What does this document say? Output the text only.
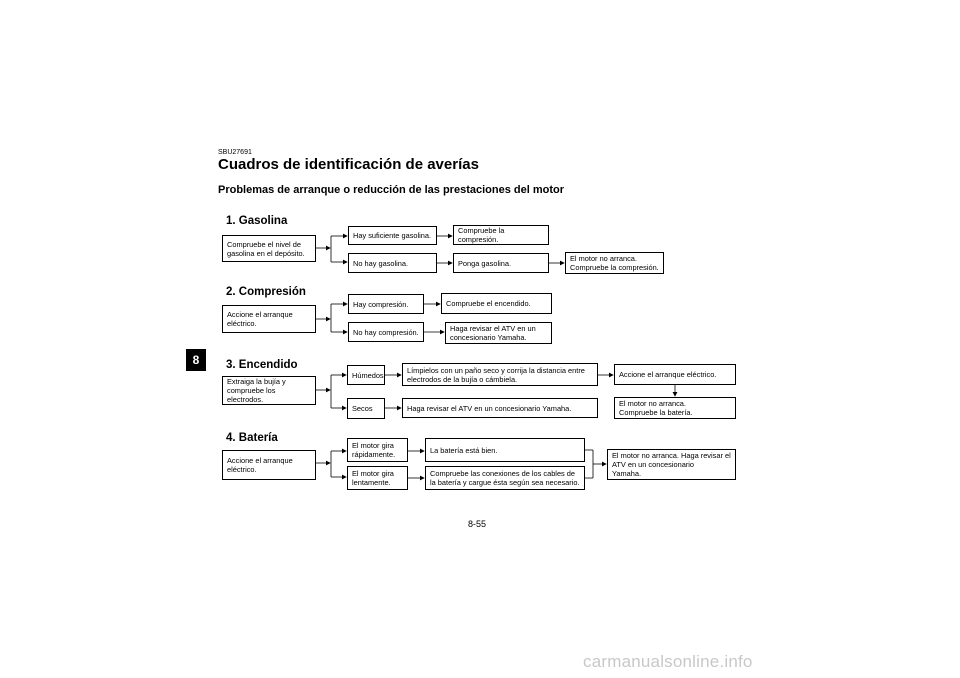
SBU27691
Cuadros de identificación de averías
Problemas de arranque o reducción de las prestaciones del motor
8
1. Gasolina
Compruebe el nivel de
gasolina en el depósito.
Hay suficiente gasolina.
Compruebe la compresión.
No hay gasolina.	Ponga gasolina.	El motor no arranca.
Compruebe la compresión.
2. Compresión
Accione el arranque
eléctrico.
Hay compresión.	Compruebe el encendido.
No hay compresión.	Haga revisar el ATV en un
concesionario Yamaha.
3. Encendido
Extraiga la bujía y
compruebe los electrodos.
Húmedos
Límpielos con un paño seco y corrija la distancia entre
electrodos de la bujía o cámbiela.	Accione el arranque eléctrico.
El motor no arranca.
Compruebe la batería.
Secos	Haga revisar el ATV en un concesionario Yamaha.
4. Batería
Accione el arranque
eléctrico.
El motor gira
rápidamente.	La batería está bien.
El motor gira
lentamente.
Compruebe las conexiones de los cables de
la batería y cargue ésta según sea necesario.
El motor no arranca. Haga revisar el
ATV en un concesionario
Yamaha.
8-55
carmanualsonline.info
